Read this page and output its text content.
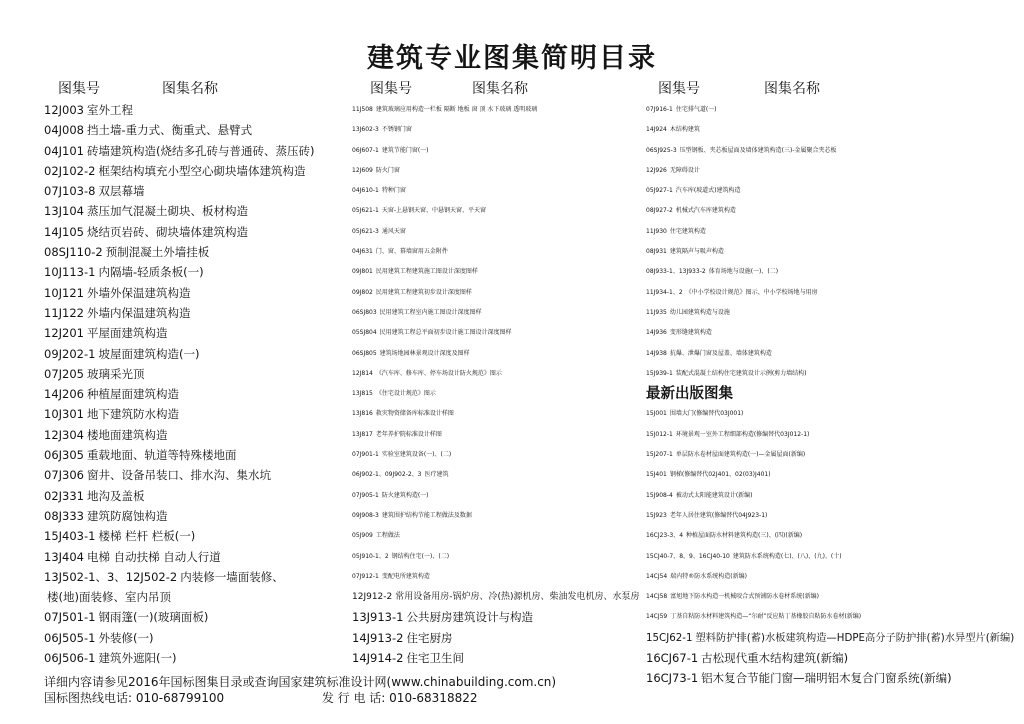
建筑专业图集简明目录
图集号	图集名称
12J003 室外工程
04J008 挡土墙-重力式、衡重式、悬臂式
04J101 砖墙建筑构造(烧结多孔砖与普通砖、蒸压砖)
02J102-2 框架结构填充小型空心砌块墙体建筑构造
07J103-8 双层幕墙
13J104 蒸压加气混凝土砌块、板材构造
14J105 烧结页岩砖、砌块墙体建筑构造
08SJ110-2 预制混凝土外墙挂板
10J113-1 内隔墙-轻质条板(一)
10J121 外墙外保温建筑构造
11J122 外墙内保温建筑构造
12J201 平屋面建筑构造
09J202-1 坡屋面建筑构造(一)
07J205 玻璃采光顶
14J206 种植屋面建筑构造
10J301 地下建筑防水构造
12J304 楼地面建筑构造
06J305 重载地面、轨道等特殊楼地面
07J306 窗井、设备吊装口、排水沟、集水坑
02J331 地沟及盖板
08J333 建筑防腐蚀构造
15J403-1 楼梯 栏杆 栏板(一)
13J404 电梯 自动扶梯 自动人行道
13J502-1、3、12J502-2 内装修一墙面装修、
楼(地)面装修、室内吊顶
07J501-1 钢雨篷(一)(玻璃面板)
06J505-1 外装修(一)
06J506-1 建筑外遮阳(一)
图集号	图集名称
11J508 建筑玻璃应用构造一栏板 隔断 地板 窗 顶 水下玻璃 透明玻璃
13J602-3 不锈钢门窗
06J607-1 建筑节能门窗(一)
12J609 防火门窗
04J610-1 特种门窗
05J621-1 天窗-上悬钢天窗、中悬钢天窗、平天窗
05J621-3 通风天窗
04J631 门、窗、幕墙窗用五金附件
09J801 民用建筑工程建筑施工图设计深度图样
09J802 民用建筑工程建筑初步设计深度图样
06SJ803 民用建筑工程室内施工图设计深度图样
05SJ804 民用建筑工程总平面初步设计施工图设计深度图样
06SJ805 建筑场地园林景观设计深度及图样
12J814 《汽车库、修车库、停车场设计防火规范》图示
13J815 《住宅设计规范》图示
13J816 救灾物资储备库标准设计样图
13J817 老年养护院标准设计样图
07J901-1 实验室建筑设备(一)、(二)
06J902-1、09J902-2、3 医疗建筑
07J905-1 防火建筑构造(一)
09J908-3 建筑围护结构节能工程做法及数据
05J909 工程做法
05J910-1、2 钢结构住宅(一)、(二)
07J912-1 变配电所建筑构造
12J912-2 常用设备用房-锅炉房、冷(热)源机房、柴油发电机房、水泵房
13J913-1 公共厨房建筑设计与构造
14J913-2 住宅厨房
14J914-2 住宅卫生间
图集号	图集名称
07J916-1 住宅排气道(一)
14J924 木结构建筑
06SJ925-3 压型钢板、夹芯板屋面及墙体建筑构造(三)-金属聚合夹芯板
12J926 无障碍设计
05J927-1 汽车库(坡道式)建筑构造
08J927-2 机械式汽车库建筑构造
11J930 住宅建筑构造
08J931 建筑隔声与吸声构造
08J933-1、13J933-2 体育场地与设施(一)、(二)
11J934-1、2 《中小学校设计规范》图示、中小学校场地与用房
11J935 幼儿园建筑构造与设施
14J936 变形缝建筑构造
14J938 抗爆、泄爆门窗及屋盖、墙体建筑构造
15J939-1 装配式混凝土结构住宅建筑设计示例(剪力墙结构)
最新出版图集
15J001 围墙大门(修编替代03J001)
15J012-1 环境景观一室外工程细部构造(修编替代03J012-1)
15J207-1 单层防水卷材屋面建筑构造(一)—金属屋面(新编)
15J401 钢梯(修编替代02J401、02(03)J401)
15J908-4 被动式太阳能建筑设计(新编)
15J923 老年人居住建筑(修编替代04J923-1)
16CJ23-3、4 种植屋面防水材料建筑构造(三)、(四)(新编)
15CJ40-7、8、9、16CJ40-10 建筑防水系统构造(七)、(八)、(九)、(十)
14CJ54 瑞内特®防水系统构造(新编)
14CJ58 富旭地下防水构造一机械咬合式预铺防水卷材系统(新编)
14CJ59 丁基自粘防水材料建筑构造—“尔耐”反应粘丁基橡胶自粘防水卷材(新编)
15CJ62-1 塑料防护排(蓄)水板建筑构造—HDPE高分子防护排(蓄)水异型片(新编)
16CJ67-1 古松现代重木结构建筑(新编)
16CJ73-1 铝木复合节能门窗—瑞明铝木复合门窗系统(新编)
详细内容请参见2016年国标图集目录或查询国家建筑标准设计网(www.chinabuilding.com.cn)
国标图热线电话: 010-68799100	发 行 电 话: 010-68318822
